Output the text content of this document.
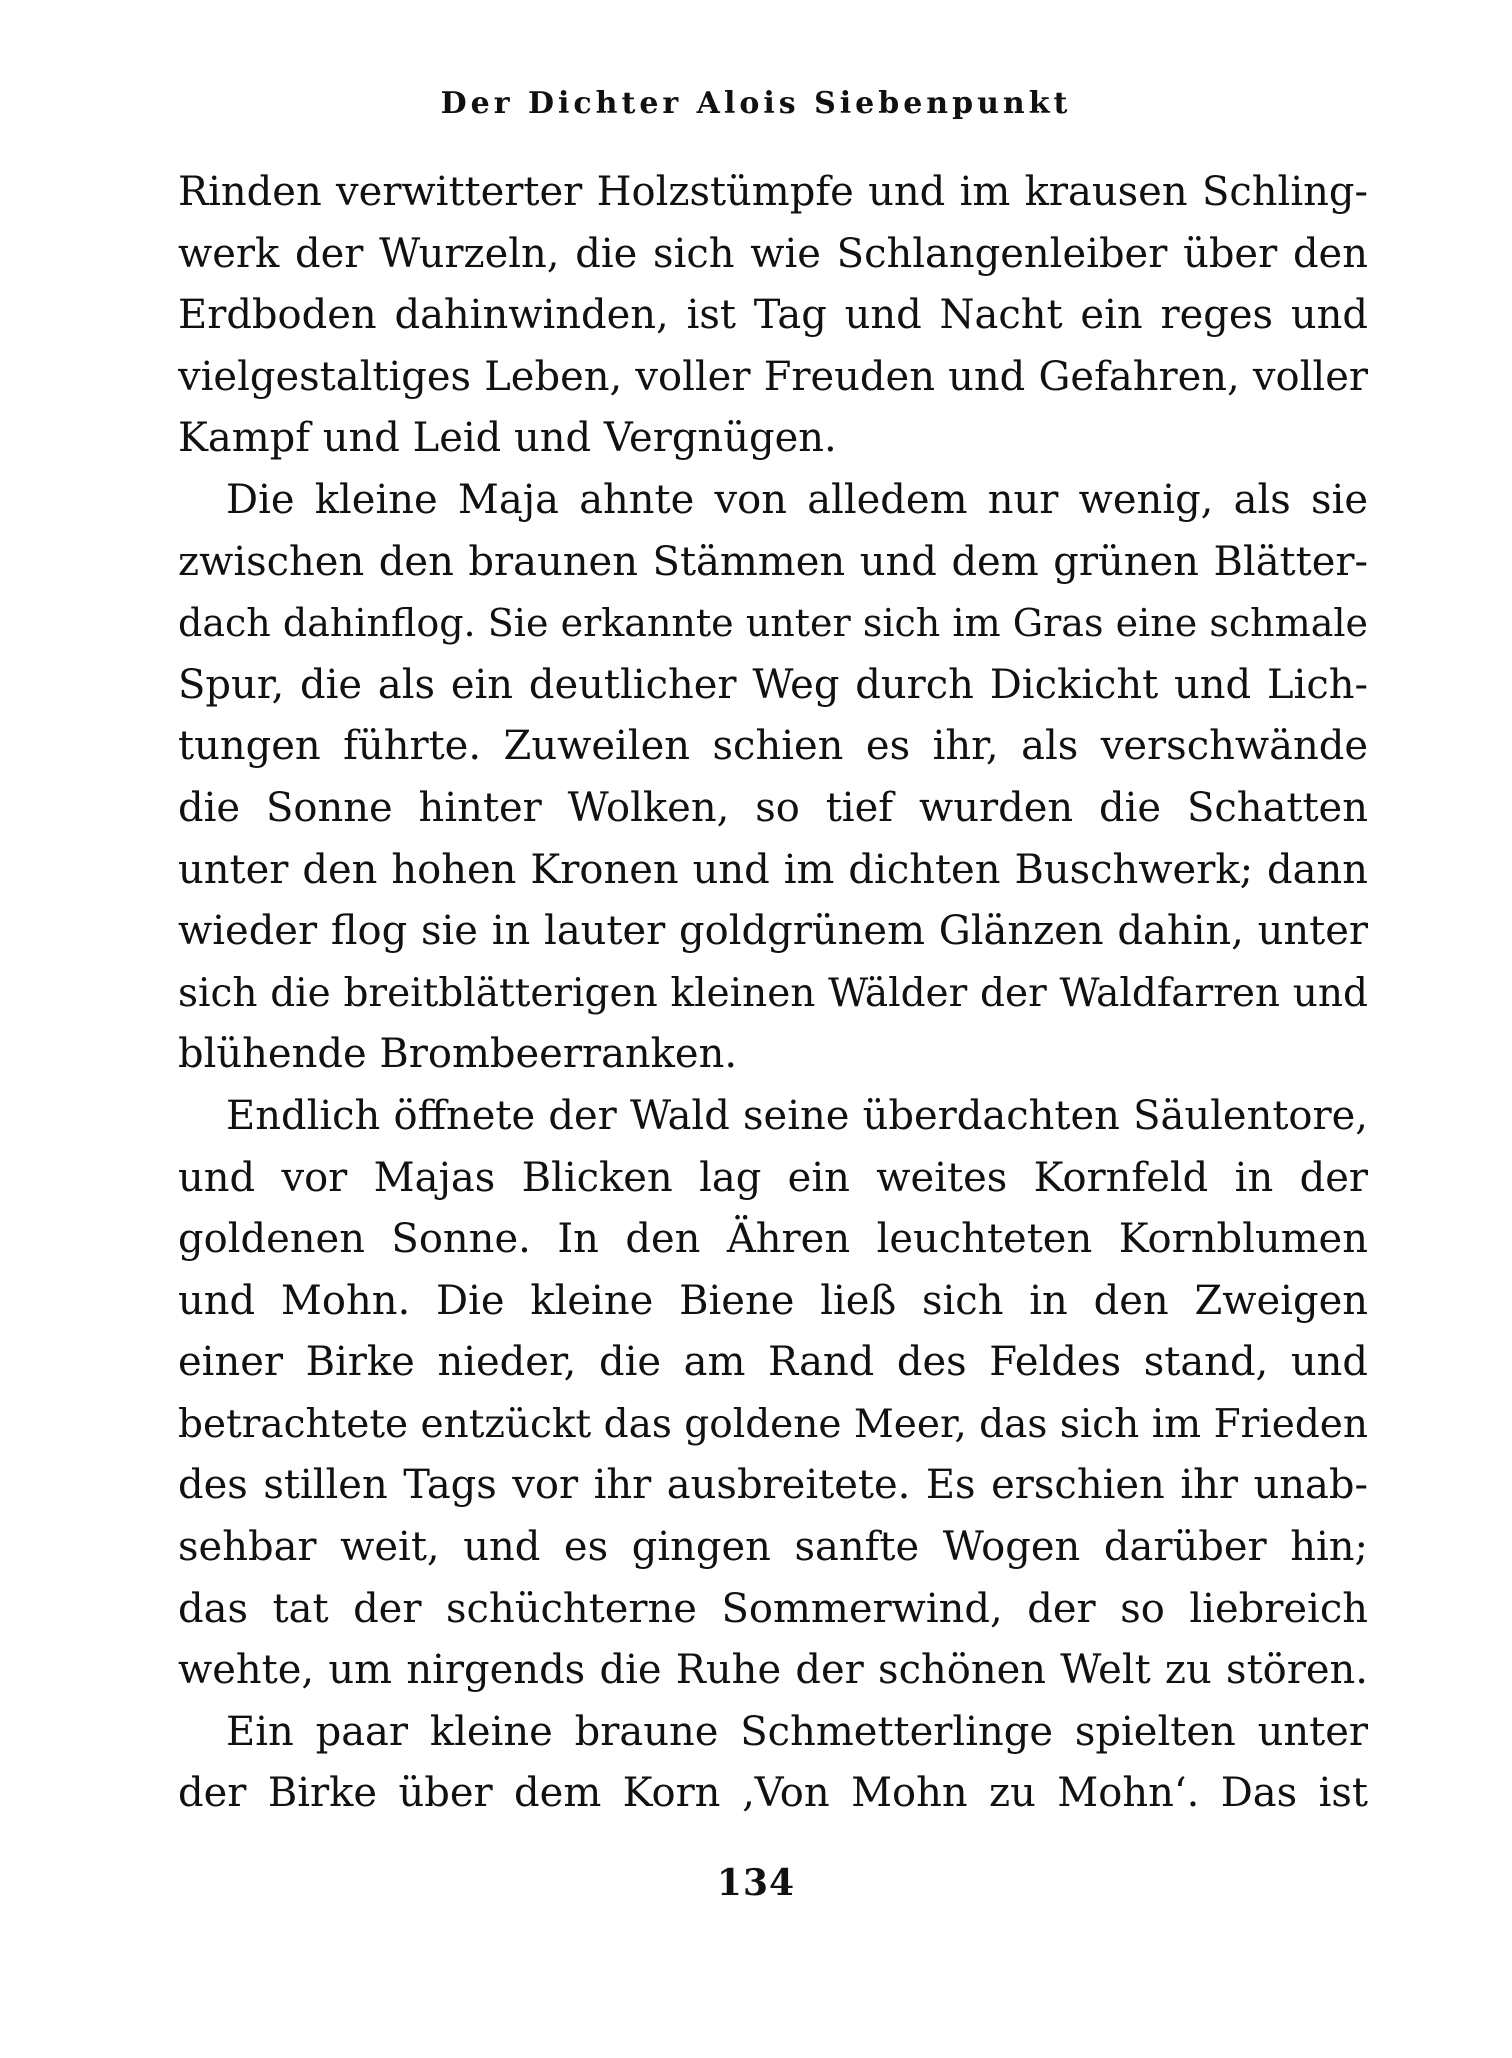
Der Dichter Alois Siebenpunkt
Rinden verwitterter Holzstümpfe und im krausen Schling-
werk der Wurzeln, die sich wie Schlangenleiber über den
Erdboden dahinwinden, ist Tag und Nacht ein reges und
vielgestaltiges Leben, voller Freuden und Gefahren, voller
Kampf und Leid und Vergnügen.
Die kleine Maja ahnte von alledem nur wenig, als sie
zwischen den braunen Stämmen und dem grünen Blätter-
dach dahinflog. Sie erkannte unter sich im Gras eine schmale
Spur, die als ein deutlicher Weg durch Dickicht und Lich-
tungen führte. Zuweilen schien es ihr, als verschwände
die Sonne hinter Wolken, so tief wurden die Schatten
unter den hohen Kronen und im dichten Buschwerk; dann
wieder flog sie in lauter goldgrünem Glänzen dahin, unter
sich die breitblätterigen kleinen Wälder der Waldfarren und
blühende Brombeerranken.
Endlich öffnete der Wald seine überdachten Säulentore,
und vor Majas Blicken lag ein weites Kornfeld in der
goldenen Sonne. In den Ähren leuchteten Kornblumen
und Mohn. Die kleine Biene ließ sich in den Zweigen
einer Birke nieder, die am Rand des Feldes stand, und
betrachtete entzückt das goldene Meer, das sich im Frieden
des stillen Tags vor ihr ausbreitete. Es erschien ihr unab-
sehbar weit, und es gingen sanfte Wogen darüber hin;
das tat der schüchterne Sommerwind, der so liebreich
wehte, um nirgends die Ruhe der schönen Welt zu stören.
Ein paar kleine braune Schmetterlinge spielten unter
der Birke über dem Korn ‚Von Mohn zu Mohn‘. Das ist
134
